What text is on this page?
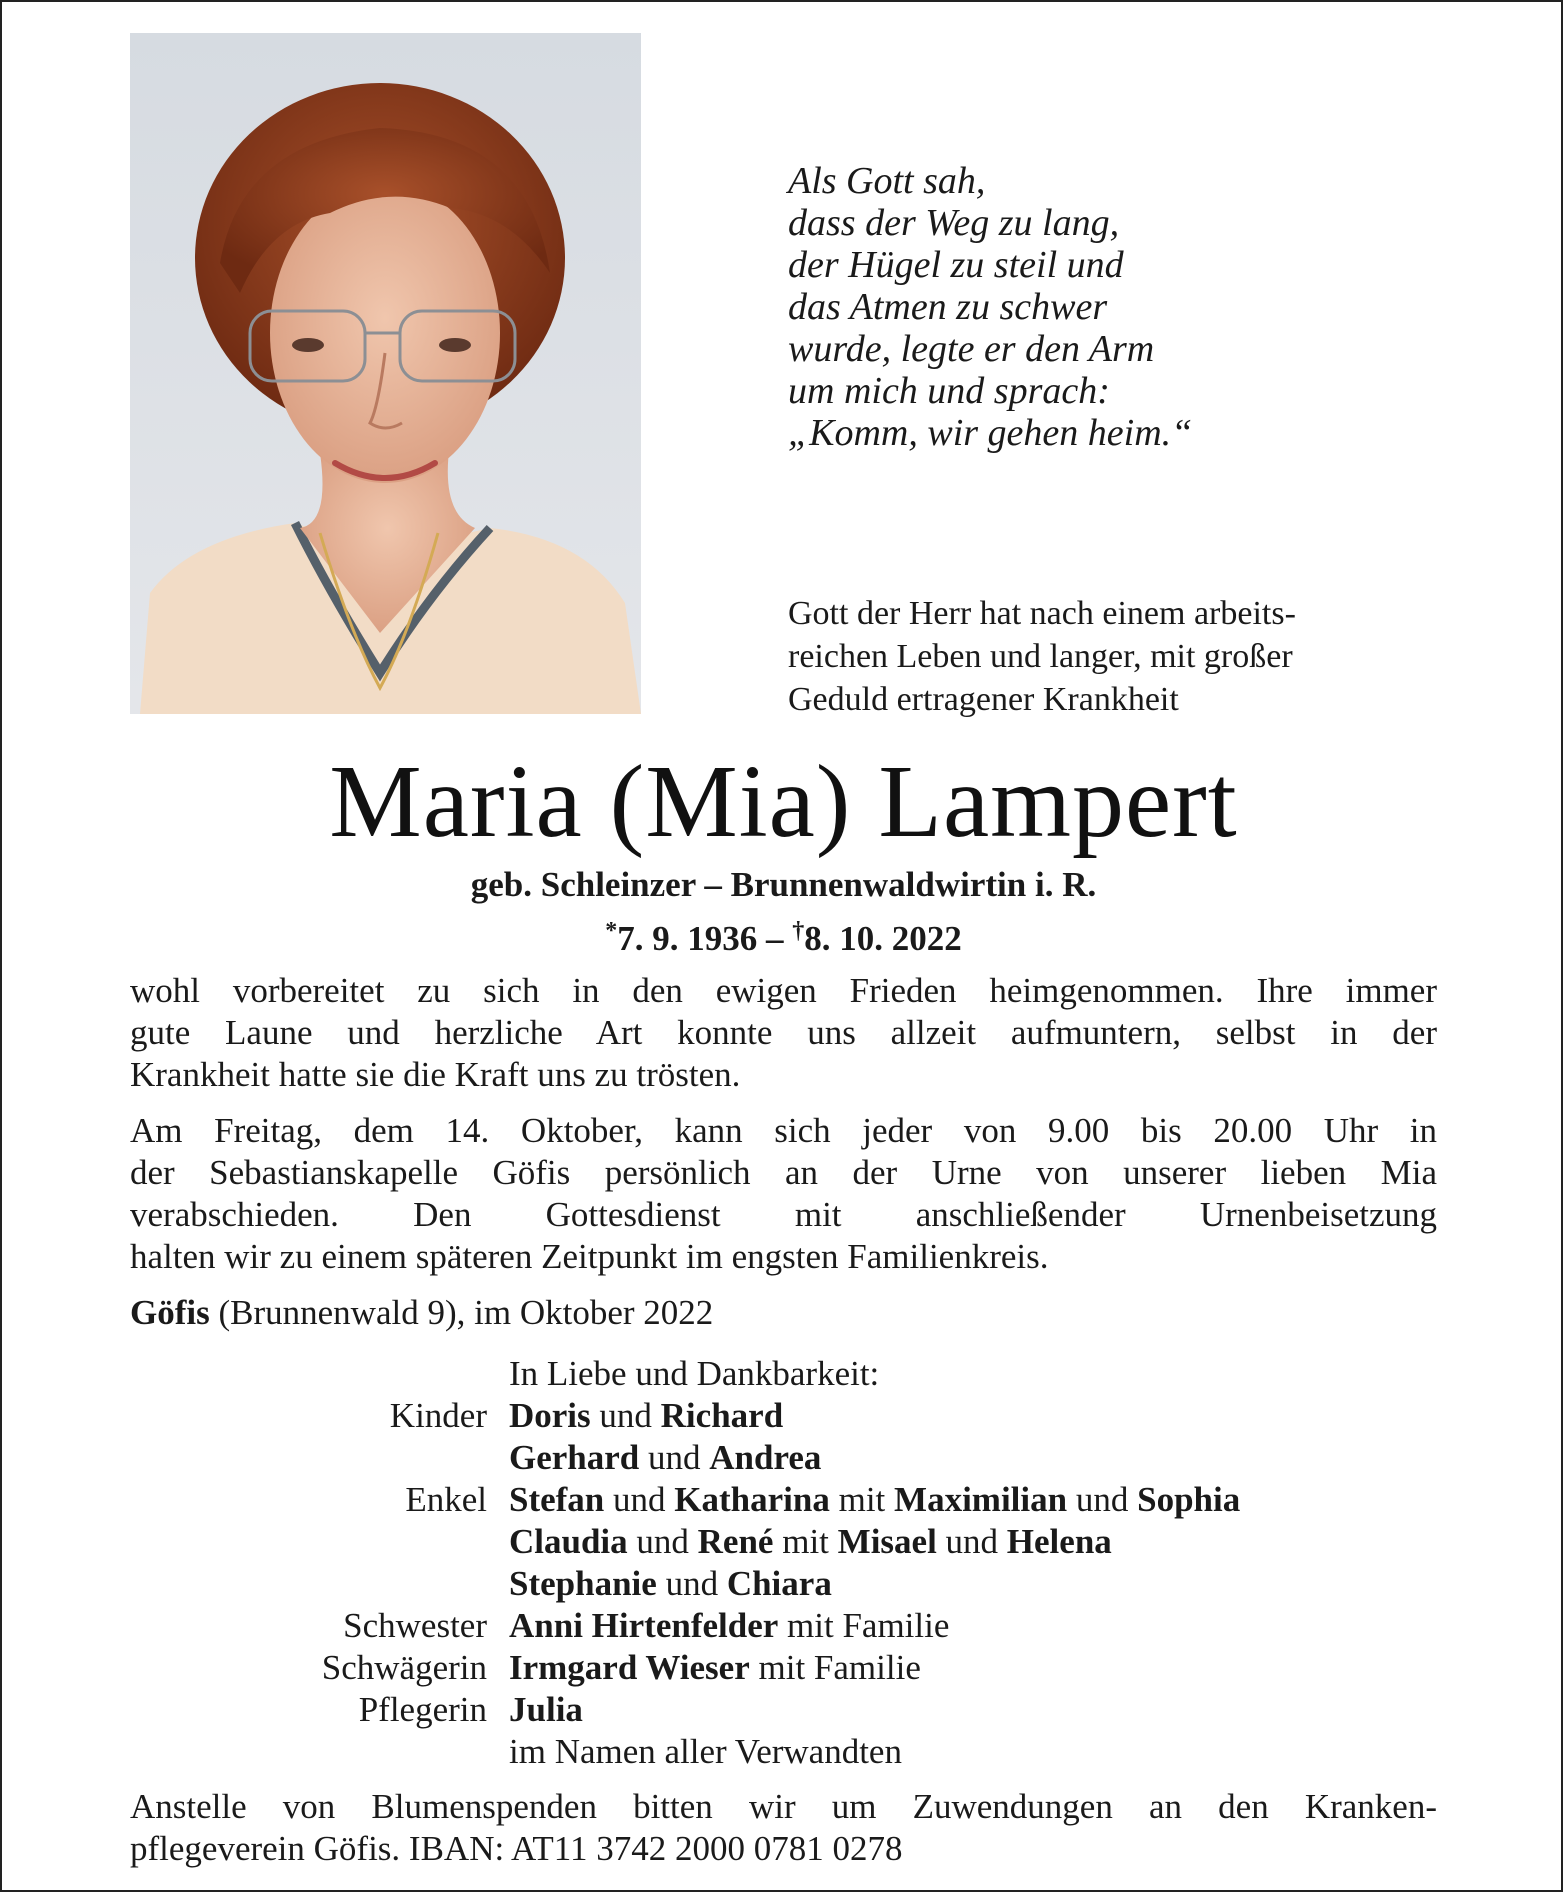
Als Gott sah,
dass der Weg zu lang,
der Hügel zu steil und
das Atmen zu schwer
wurde, legte er den Arm
um mich und sprach:
„Komm, wir gehen heim.“
Gott der Herr hat nach einem arbeits-
reichen Leben und langer, mit großer
Geduld ertragener Krankheit
Maria (Mia) Lampert
geb. Schleinzer – Brunnenwaldwirtin i. R.
*7. 9. 1936 – †8. 10. 2022
wohl vorbereitet zu sich in den ewigen Frieden heimgenommen. Ihre immer
gute Laune und herzliche Art konnte uns allzeit aufmuntern, selbst in der
Krankheit hatte sie die Kraft uns zu trösten.
Am Freitag, dem 14. Oktober, kann sich jeder von 9.00 bis 20.00 Uhr in
der Sebastianskapelle Göfis persönlich an der Urne von unserer lieben Mia
verabschieden. Den Gottesdienst mit anschließender Urnenbeisetzung
halten wir zu einem späteren Zeitpunkt im engsten Familienkreis.
Göfis (Brunnenwald 9), im Oktober 2022
In Liebe und Dankbarkeit:
Kinder Doris und Richard
Gerhard und Andrea
Enkel Stefan und Katharina mit Maximilian und Sophia
Claudia und René mit Misael und Helena
Stephanie und Chiara
Schwester Anni Hirtenfelder mit Familie
Schwägerin Irmgard Wieser mit Familie
Pflegerin Julia
im Namen aller Verwandten
Anstelle von Blumenspenden bitten wir um Zuwendungen an den Kranken-
pflegeverein Göfis. IBAN: AT11 3742 2000 0781 0278
